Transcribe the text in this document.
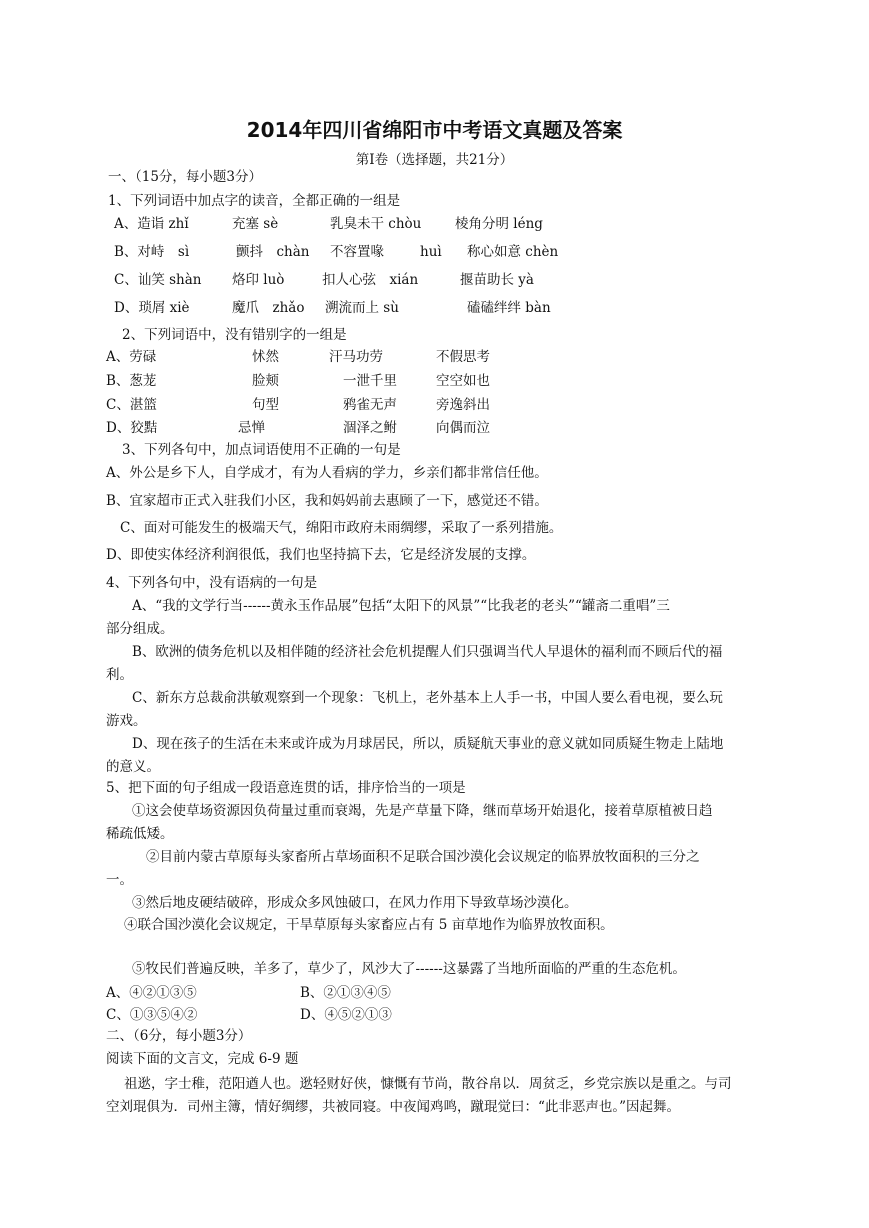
2014年四川省绵阳市中考语文真题及答案
第Ⅰ卷（选择题，共21分）
一、（15分，每小题3分）
1、下列词语中加点字的读音，全都正确的一组是
A、造诣 zhǐ	充塞 sè	乳臭未干 chòu 棱角分明 léng
B、对峙　sì	颤抖　chàn 不容置喙	huì 称心如意 chèn
C、讪笑 shàn 烙印 luò	扣人心弦　xián	揠苗助长 yà
D、琐屑 xiè	魔爪　zhǎo 溯流而上 sù	磕磕绊绊 bàn
2、下列词语中，没有错别字的一组是
A、劳碌	怵然	汗马功劳	不假思考
B、葱茏	脸颊	一泄千里	空空如也
C、湛篮	句型	鸦雀无声	旁逸斜出
D、狡黠	忌惮	涸泽之鲋	向偶而泣
3、下列各句中，加点词语使用不正确的一句是
A、外公是乡下人，自学成才，有为人看病的学力，乡亲们都非常信任他。
B、宜家超市正式入驻我们小区，我和妈妈前去惠顾了一下，感觉还不错。
C、面对可能发生的极端天气，绵阳市政府未雨绸缪，采取了一系列措施。
D、即使实体经济利润很低，我们也坚持搞下去，它是经济发展的支撑。
4、下列各句中，没有语病的一句是
A、“我的文学行当------黄永玉作品展”包括“太阳下的风景”“比我老的老头”“罐斋二重唱”三
部分组成。
B、欧洲的债务危机以及相伴随的经济社会危机提醒人们只强调当代人早退休的福利而不顾后代的福
利。
C、新东方总裁俞洪敏观察到一个现象：飞机上，老外基本上人手一书，中国人要么看电视，要么玩
游戏。
D、现在孩子的生活在未来或许成为月球居民，所以，质疑航天事业的意义就如同质疑生物走上陆地
的意义。
5、把下面的句子组成一段语意连贯的话，排序恰当的一项是
①这会使草场资源因负荷量过重而衰竭，先是产草量下降，继而草场开始退化，接着草原植被日趋
稀疏低矮。
②目前内蒙古草原每头家畜所占草场面积不足联合国沙漠化会议规定的临界放牧面积的三分之
一。
③然后地皮硬结破碎，形成众多风蚀破口，在风力作用下导致草场沙漠化。
④联合国沙漠化会议规定，干旱草原每头家畜应占有 5 亩草地作为临界放牧面积。
⑤牧民们普遍反映，羊多了，草少了，风沙大了------这暴露了当地所面临的严重的生态危机。
A、④②①③⑤	B、②①③④⑤
C、①③⑤④②	D、④⑤②①③
二、（6分，每小题3分）
阅读下面的文言文，完成 6-9 题
祖逖，字士稚，范阳遒人也。逖轻财好侠，慷慨有节尚，散谷帛以．周贫乏，乡党宗族以是重之。与司
空刘琨俱为．司州主簿，情好绸缪，共被同寝。中夜闻鸡鸣，蹴琨觉曰：“此非恶声也。”因起舞。
